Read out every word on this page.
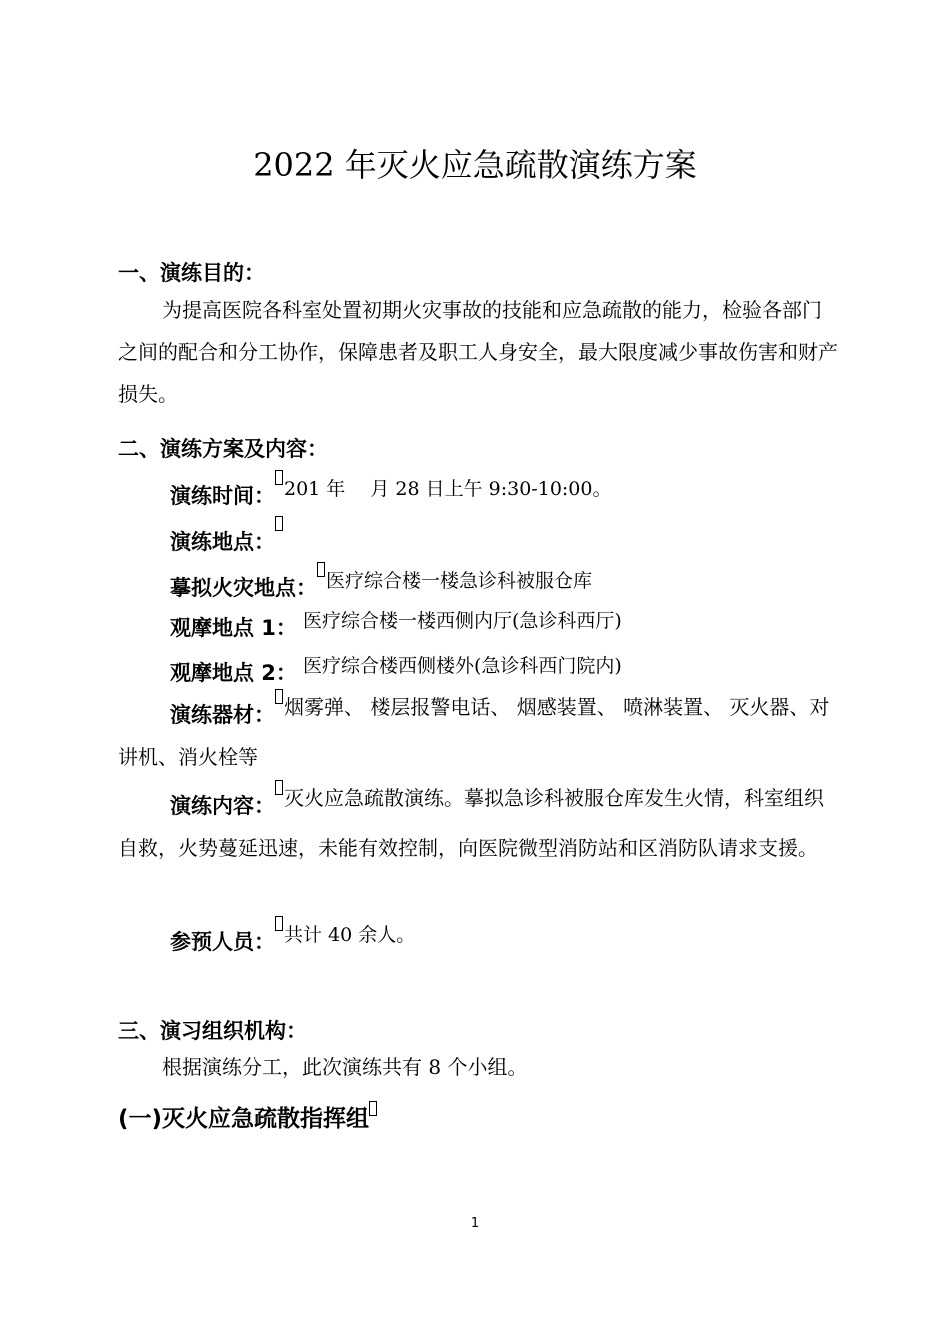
2022 年灭火应急疏散演练方案
一、演练目的：

为提高医院各科室处置初期火灾事故的技能和应急疏散的能力，检验各部门之间的配合和分工协作，保障患者及职工人身安全，最大限度减少事故伤害和财产损失。

二、演练方案及内容：
演练时间： 201 年　 月 28 日上午 9:30-10:00。
演练地点：
摹拟火灾地点： 医疗综合楼一楼急诊科被服仓库
观摩地点 1： 医疗综合楼一楼西侧内厅(急诊科西厅)
观摩地点 2： 医疗综合楼西侧楼外(急诊科西门院内)

演练器材： 烟雾弹、 楼层报警电话、 烟感装置、 喷淋装置、 灭火器、对讲机、消火栓等

演练内容： 灭火应急疏散演练。摹拟急诊科被服仓库发生火情，科室组织自救，火势蔓延迅速，未能有效控制，向医院微型消防站和区消防队请求支援。

参预人员： 共计 40 余人。
三、演习组织机构：

根据演练分工，此次演练共有 8 个小组。

(一)灭火应急疏散指挥组
1
